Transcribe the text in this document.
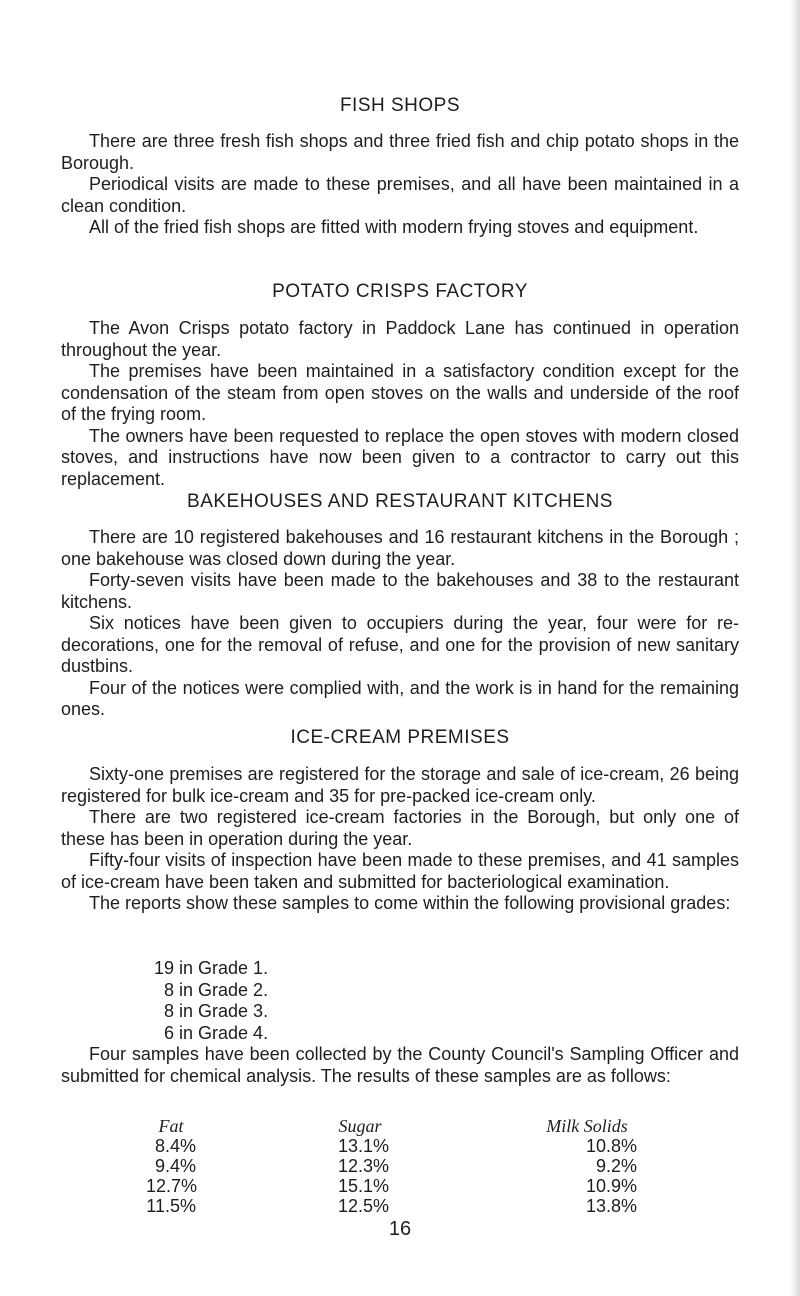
FISH SHOPS

There are three fresh fish shops and three fried fish and chip potato shops in the Borough.

Periodical visits are made to these premises, and all have been maintained in a clean condition.

All of the fried fish shops are fitted with modern frying stoves and equipment.

POTATO CRISPS FACTORY

The Avon Crisps potato factory in Paddock Lane has continued in operation throughout the year.

The premises have been maintained in a satisfactory condition except for the condensation of the steam from open stoves on the walls and underside of the roof of the frying room.

The owners have been requested to replace the open stoves with modern closed stoves, and instructions have now been given to a contractor to carry out this replacement.

BAKEHOUSES AND RESTAURANT KITCHENS

There are 10 registered bakehouses and 16 restaurant kitchens in the Borough ; one bakehouse was closed down during the year.

Forty-seven visits have been made to the bakehouses and 38 to the restaurant kitchens.

Six notices have been given to occupiers during the year, four were for re-decorations, one for the removal of refuse, and one for the provision of new sanitary dustbins.

Four of the notices were complied with, and the work is in hand for the remaining ones.

ICE-CREAM PREMISES

Sixty-one premises are registered for the storage and sale of ice-cream, 26 being registered for bulk ice-cream and 35 for pre-packed ice-cream only.

There are two registered ice-cream factories in the Borough, but only one of these has been in operation during the year.

Fifty-four visits of inspection have been made to these premises, and 41 samples of ice-cream have been taken and submitted for bacteriological examination.

The reports show these samples to come within the following provisional grades:

19 in Grade 1.
8 in Grade 2.
8 in Grade 3.
6 in Grade 4.

Four samples have been collected by the County Council's Sampling Officer and submitted for chemical analysis. The results of these samples are as follows:

Fat
8.4%
9.4%
12.7%
11.5%
Sugar
13.1%
12.3%
15.1%
12.5%
Milk Solids
10.8%
9.2%
10.9%
13.8%
16
